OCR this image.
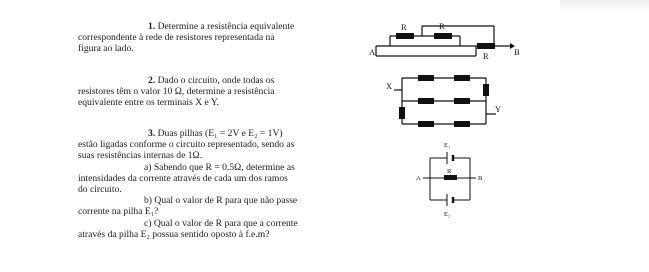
1. Determine a resistência equivalente

correspondente à rede de resistores representada na

figura ao lado.

2. Dado o circuito, onde todas os

resistores têm o valor 10 Ω, determine a resistência

equivalente entre os terminais X e Y.

3. Duas pilhas (E₁ = 2V e E₂ = 1V)

estão ligadas conforme o circuito representado, sendo as

suas resistências internas de 1Ω.

a) Sabendo que R = 0.5Ω, determine as

intensidades da corrente através de cada um dos ramos

do circuito.

b) Qual o valor de R para que não passe

corrente na pilha E₁?

c) Qual o valor de R para que a corrente

através da pilha E₂ possua sentido oposto à f.e.m?

R	R
R
A	B
X
Y
E₁
R
A	B
E₂
